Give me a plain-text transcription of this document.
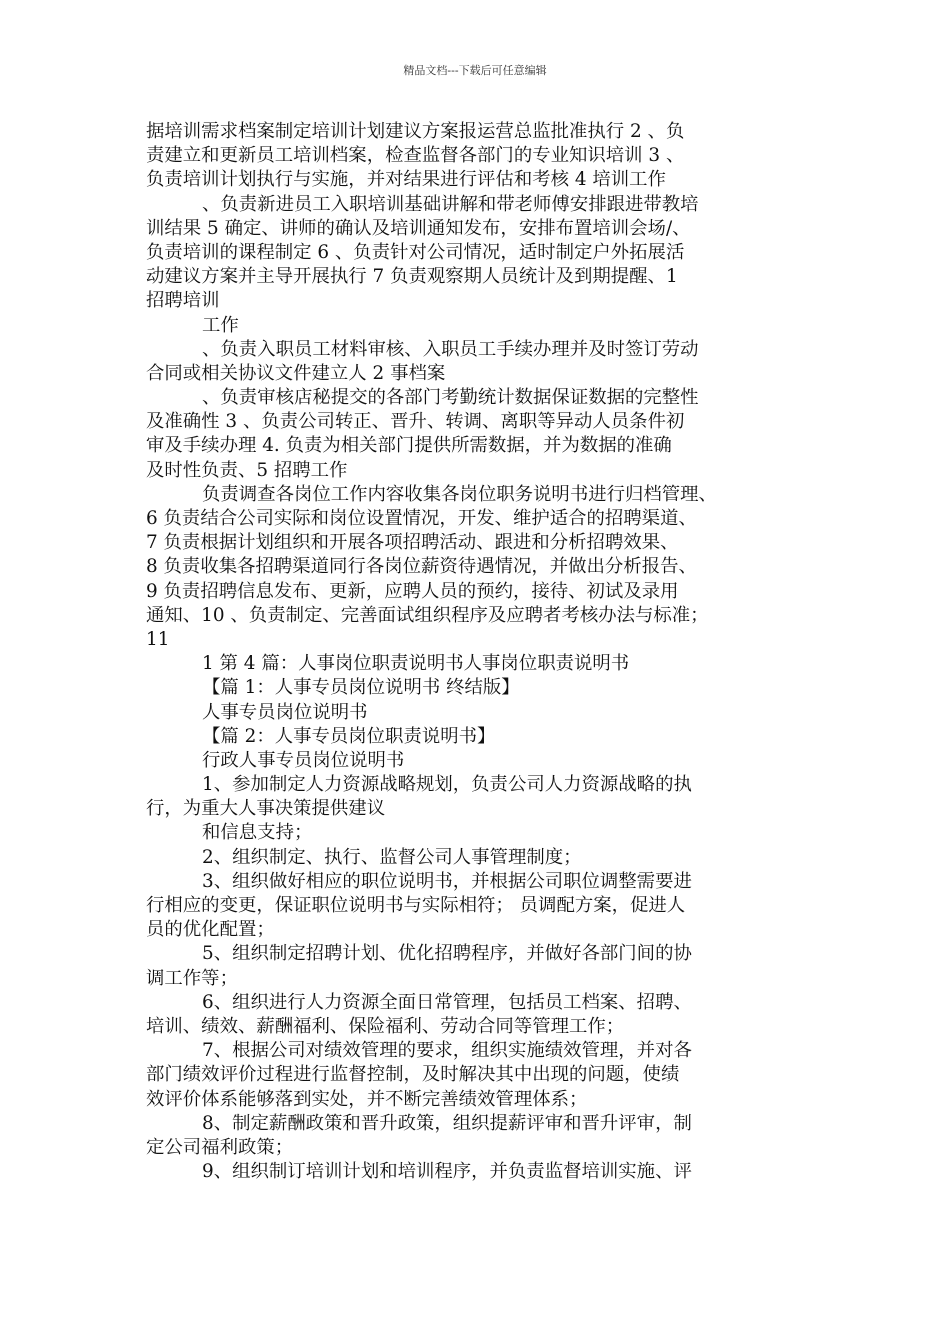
精品文档---下载后可任意编辑
据培训需求档案制定培训计划建议方案报运营总监批准执行 2 、负
责建立和更新员工培训档案，检查监督各部门的专业知识培训 3 、
负责培训计划执行与实施，并对结果进行评估和考核 4 培训工作
、负责新进员工入职培训基础讲解和带老师傅安排跟进带教培
训结果 5 确定、讲师的确认及培训通知发布，安排布置培训会场/、
负责培训的课程制定 6 、负责针对公司情况，适时制定户外拓展活
动建议方案并主导开展执行 7 负责观察期人员统计及到期提醒、1
招聘培训
工作
、负责入职员工材料审核、入职员工手续办理并及时签订劳动
合同或相关协议文件建立人 2 事档案
、负责审核店秘提交的各部门考勤统计数据保证数据的完整性
及准确性 3 、负责公司转正、晋升、转调、离职等异动人员条件初
审及手续办理 4. 负责为相关部门提供所需数据，并为数据的准确
及时性负责、5 招聘工作
负责调查各岗位工作内容收集各岗位职务说明书进行归档管理、
6 负责结合公司实际和岗位设置情况，开发、维护适合的招聘渠道、
7 负责根据计划组织和开展各项招聘活动、跟进和分析招聘效果、
8 负责收集各招聘渠道同行各岗位薪资待遇情况，并做出分析报告、
9 负责招聘信息发布、更新，应聘人员的预约，接待、初试及录用
通知、10 、负责制定、完善面试组织程序及应聘者考核办法与标准；
11
1 第 4 篇：人事岗位职责说明书人事岗位职责说明书
【篇 1：人事专员岗位说明书 终结版】
人事专员岗位说明书
【篇 2：人事专员岗位职责说明书】
行政人事专员岗位说明书
1、参加制定人力资源战略规划，负责公司人力资源战略的执
行，为重大人事决策提供建议
和信息支持；
2、组织制定、执行、监督公司人事管理制度；
3、组织做好相应的职位说明书，并根据公司职位调整需要进
行相应的变更，保证职位说明书与实际相符； 员调配方案，促进人
员的优化配置；
5、组织制定招聘计划、优化招聘程序，并做好各部门间的协
调工作等；
6、组织进行人力资源全面日常管理，包括员工档案、招聘、
培训、绩效、薪酬福利、保险福利、劳动合同等管理工作；
7、根据公司对绩效管理的要求，组织实施绩效管理，并对各
部门绩效评价过程进行监督控制，及时解决其中出现的问题，使绩
效评价体系能够落到实处，并不断完善绩效管理体系；
8、制定薪酬政策和晋升政策，组织提薪评审和晋升评审，制
定公司福利政策；
9、组织制订培训计划和培训程序，并负责监督培训实施、评
